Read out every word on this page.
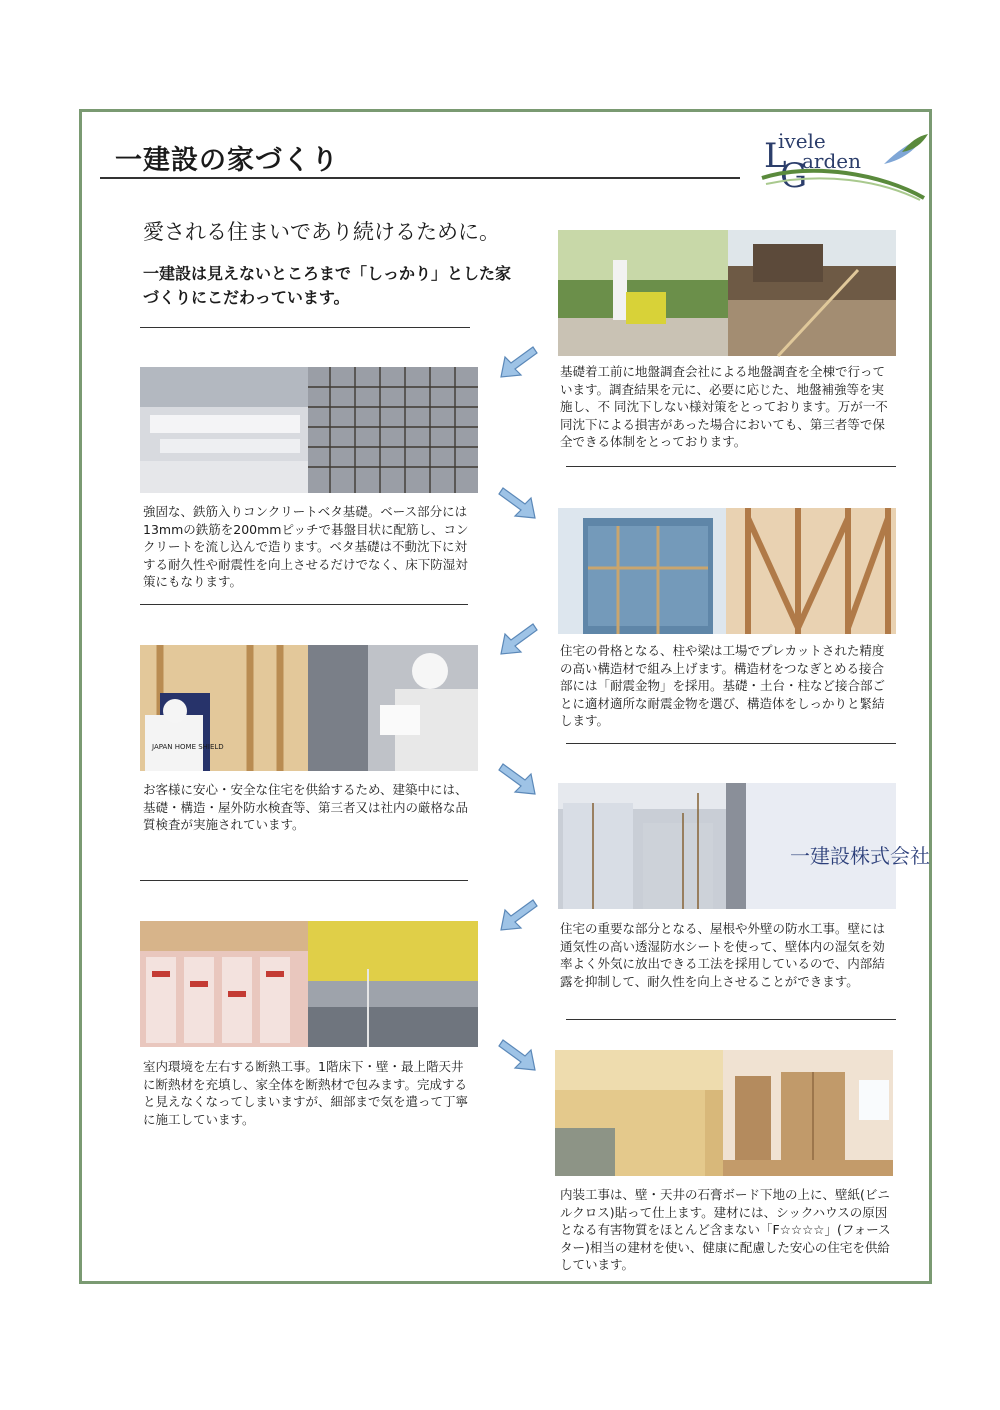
一建設の家づくり	L
ivele
G
arden
愛される住まいであり続けるために。
一建設は見えないところまで「しっかり」とした家づくりにこだわっています。
基礎着工前に地盤調査会社による地盤調査を全棟で行っています。調査結果を元に、必要に応じた、地盤補強等を実施し、不 同沈下しない様対策をとっております。万が一不同沈下による損害があった場合においても、第三者等で保全できる体制をとっております。
強固な、鉄筋入りコンクリートベタ基礎。ベース部分には13mmの鉄筋を200mmピッチで碁盤目状に配筋し、コンクリートを流し込んで造ります。ベタ基礎は不動沈下に対する耐久性や耐震性を向上させるだけでなく、床下防湿対策にもなります。
住宅の骨格となる、柱や梁は工場でプレカットされた精度の高い構造材で組み上げます。構造材をつなぎとめる接合部には「耐震金物」を採用。基礎・土台・柱など接合部ごとに適材適所な耐震金物を選び、構造体をしっかりと緊結します。
JAPAN HOME SHIELD
お客様に安心・安全な住宅を供給するため、建築中には、基礎・構造・屋外防水検査等、第三者又は社内の厳格な品質検査が実施されています。
一建設株式会社
住宅の重要な部分となる、屋根や外壁の防水工事。壁には通気性の高い透湿防水シートを使って、壁体内の湿気を効率よく外気に放出できる工法を採用しているので、内部結露を抑制して、耐久性を向上させることができます。
室内環境を左右する断熱工事。1階床下・壁・最上階天井に断熱材を充填し、家全体を断熱材で包みます。完成すると見えなくなってしまいますが、細部まで気を遣って丁寧に施工しています。
内装工事は、壁・天井の石膏ボード下地の上に、壁紙(ビニルクロス)貼って仕上ます。建材には、シックハウスの原因となる有害物質をほとんど含まない「F☆☆☆☆」(フォースター)相当の建材を使い、健康に配慮した安心の住宅を供給しています。
